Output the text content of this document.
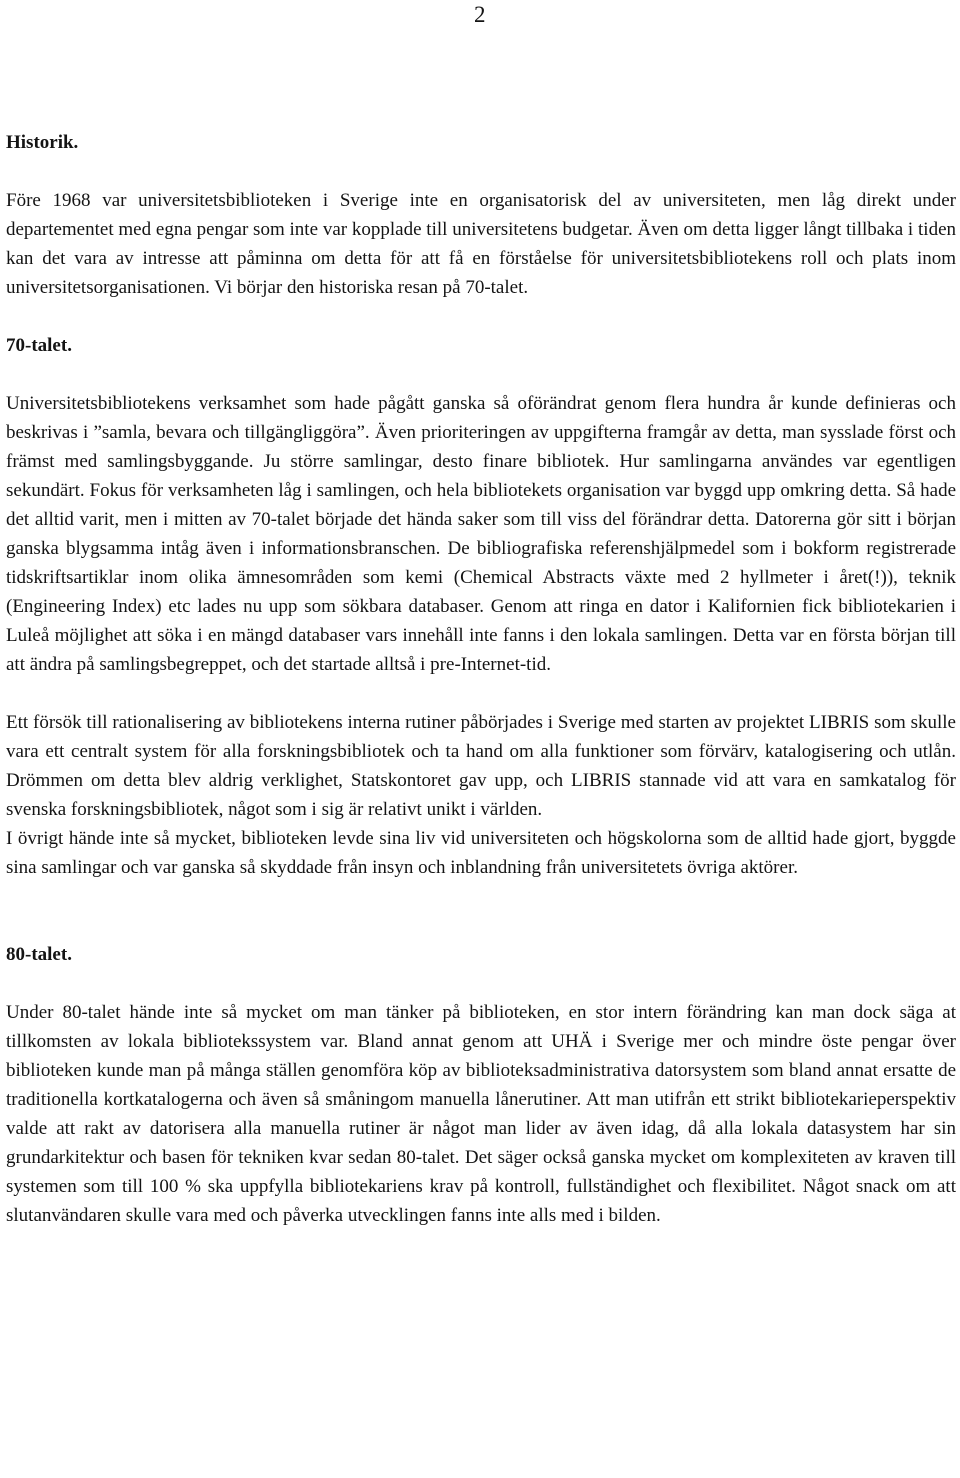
2
Historik.

Före 1968 var universitetsbiblioteken i Sverige inte en organisatorisk del av universiteten, men låg direkt under departementet med egna pengar som inte var kopplade till universitetens budgetar. Även om detta ligger långt tillbaka i tiden kan det vara av intresse att påminna om detta för att få en förståelse för universitetsbibliotekens roll och plats inom universitetsorganisationen. Vi börjar den historiska resan på 70-talet.

70-talet.

Universitetsbibliotekens verksamhet som hade pågått ganska så oförändrat genom flera hundra år kunde definieras och beskrivas i ”samla, bevara och tillgängliggöra”. Även prioriteringen av uppgifterna framgår av detta, man sysslade först och främst med samlingsbyggande. Ju större samlingar, desto finare bibliotek. Hur samlingarna användes var egentligen sekundärt. Fokus för verksamheten låg i samlingen, och hela bibliotekets organisation var byggd upp omkring detta. Så hade det alltid varit, men i mitten av 70-talet började det hända saker som till viss del förändrar detta. Datorerna gör sitt i början ganska blygsamma intåg även i informationsbranschen. De bibliografiska referenshjälpmedel som i bokform registrerade tidskriftsartiklar inom olika ämnesområden som kemi (Chemical Abstracts växte med 2 hyllmeter i året(!)), teknik (Engineering Index) etc lades nu upp som sökbara databaser. Genom att ringa en dator i Kalifornien fick bibliotekarien i Luleå möjlighet att söka i en mängd databaser vars innehåll inte fanns i den lokala samlingen. Detta var en första början till att ändra på samlingsbegreppet, och det startade alltså i pre-Internet-tid.

Ett försök till rationalisering av bibliotekens interna rutiner påbörjades i Sverige med starten av projektet LIBRIS som skulle vara ett centralt system för alla forskningsbibliotek och ta hand om alla funktioner som förvärv, katalogisering och utlån. Drömmen om detta blev aldrig verklighet, Statskontoret gav upp, och LIBRIS stannade vid att vara en samkatalog för svenska forskningsbibliotek, något som i sig är relativt unikt i världen.

I övrigt hände inte så mycket, biblioteken levde sina liv vid universiteten och högskolorna som de alltid hade gjort, byggde sina samlingar och var ganska så skyddade från insyn och inblandning från universitetets övriga aktörer.

80-talet.

Under 80-talet hände inte så mycket om man tänker på biblioteken, en stor intern förändring kan man dock säga at tillkomsten av lokala bibliotekssystem var. Bland annat genom att UHÄ i Sverige mer och mindre öste pengar över biblioteken kunde man på många ställen genomföra köp av biblioteksadministrativa datorsystem som bland annat ersatte de traditionella kortkatalogerna och även så småningom manuella lånerutiner. Att man utifrån ett strikt bibliotekarieperspektiv valde att rakt av datorisera alla manuella rutiner är något man lider av även idag, då alla lokala datasystem har sin grundarkitektur och basen för tekniken kvar sedan 80-talet. Det säger också ganska mycket om komplexiteten av kraven till systemen som till 100 % ska uppfylla bibliotekariens krav på kontroll, fullständighet och flexibilitet. Något snack om att slutanvändaren skulle vara med och påverka utvecklingen fanns inte alls med i bilden.
